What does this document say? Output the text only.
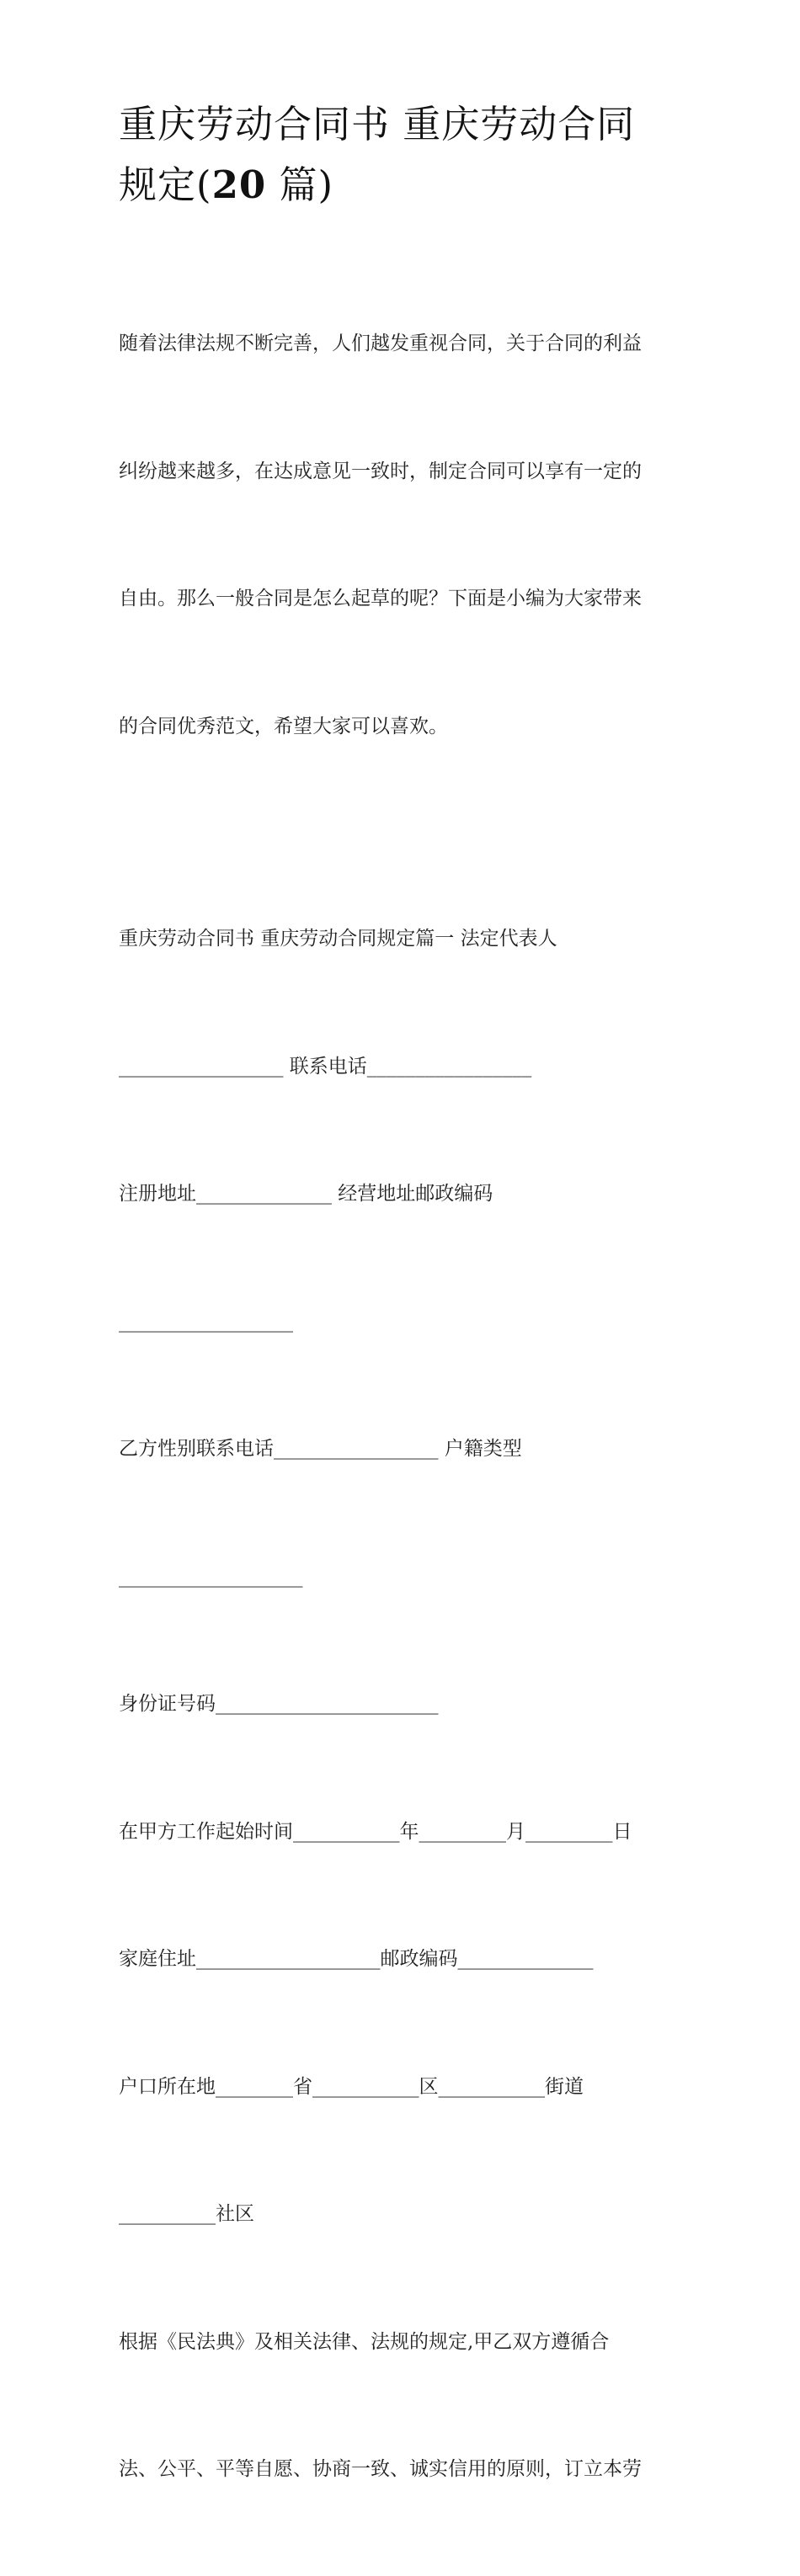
重庆劳动合同书 重庆劳动合同
规定(20 篇)

随着法律法规不断完善，人们越发重视合同，关于合同的利益

纠纷越来越多，在达成意见一致时，制定合同可以享有一定的

自由。那么一般合同是怎么起草的呢？下面是小编为大家带来

的合同优秀范文，希望大家可以喜欢。

重庆劳动合同书 重庆劳动合同规定篇一 法定代表人

_________________ 联系电话_________________

注册地址______________ 经营地址邮政编码

__________________

乙方性别联系电话_________________ 户籍类型

___________________

身份证号码_______________________

在甲方工作起始时间___________年_________月_________日

家庭住址___________________邮政编码______________

户口所在地________省___________区___________街道

__________社区

根据《民法典》及相关法律、法规的规定,甲乙双方遵循合

法、公平、平等自愿、协商一致、诚实信用的原则，订立本劳
